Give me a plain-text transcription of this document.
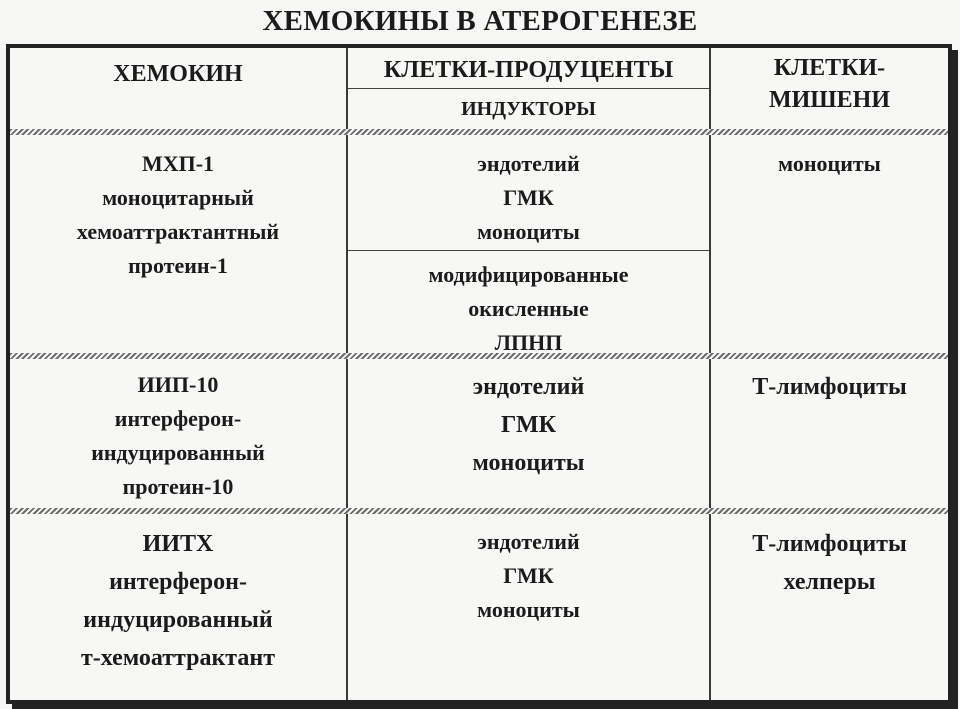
ХЕМОКИНЫ В АТЕРОГЕНЕЗЕ
ХЕМОКИН	КЛЕТКИ-ПРОДУЦЕНТЫ
ИНДУКТОРЫ
КЛЕТКИ-
МИШЕНИ
МХП-1
моноцитарный
хемоаттрактантный
протеин-1
эндотелий
ГМК
моноциты
модифицированные
окисленные
ЛПНП
моноциты
ИИП-10
интерферон-
индуцированный
протеин-10
эндотелий
ГМК
моноциты
Т-лимфоциты
ИИТХ
интерферон-
индуцированный
т-хемоаттрактант
эндотелий
ГМК
моноциты
Т-лимфоциты
хелперы
